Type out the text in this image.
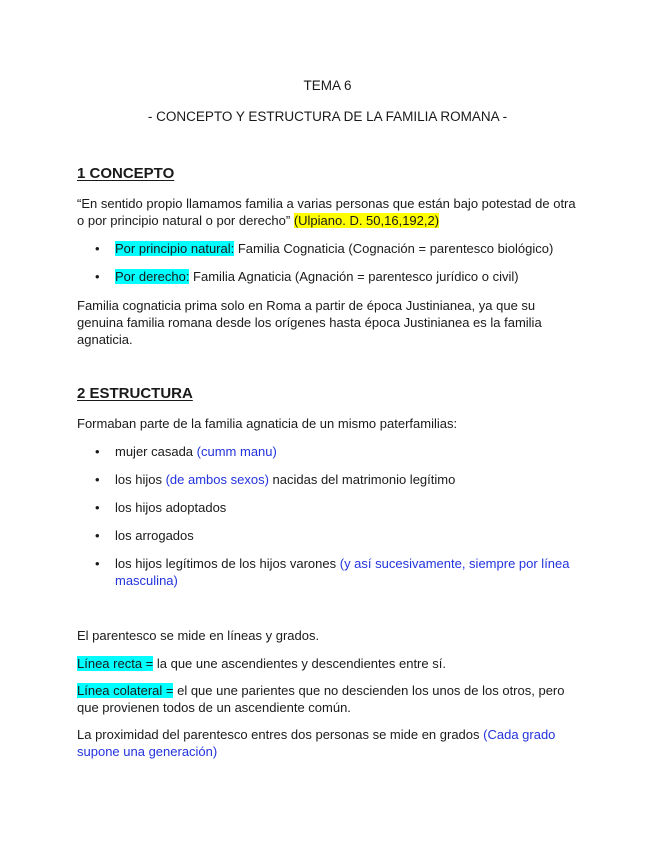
TEMA 6
- CONCEPTO Y ESTRUCTURA DE LA FAMILIA ROMANA -
1 CONCEPTO
“En sentido propio llamamos familia a varias personas que están bajo potestad de otra o por principio natural o por derecho” (Ulpiano. D. 50,16,192,2)
• Por principio natural: Familia Cognaticia (Cognación = parentesco biológico)
• Por derecho: Familia Agnaticia (Agnación = parentesco jurídico o civil)
Familia cognaticia prima solo en Roma a partir de época Justinianea, ya que su genuina familia romana desde los orígenes hasta época Justinianea es la familia agnaticia.
2 ESTRUCTURA
Formaban parte de la familia agnaticia de un mismo paterfamilias:
• mujer casada (cumm manu)
• los hijos (de ambos sexos) nacidas del matrimonio legítimo
• los hijos adoptados
• los arrogados
• los hijos legítimos de los hijos varones (y así sucesivamente, siempre por línea masculina)
El parentesco se mide en líneas y grados.
Línea recta = la que une ascendientes y descendientes entre sí.
Línea colateral = el que une parientes que no descienden los unos de los otros, pero que provienen todos de un ascendiente común.
La proximidad del parentesco entres dos personas se mide en grados (Cada grado supone una generación)
